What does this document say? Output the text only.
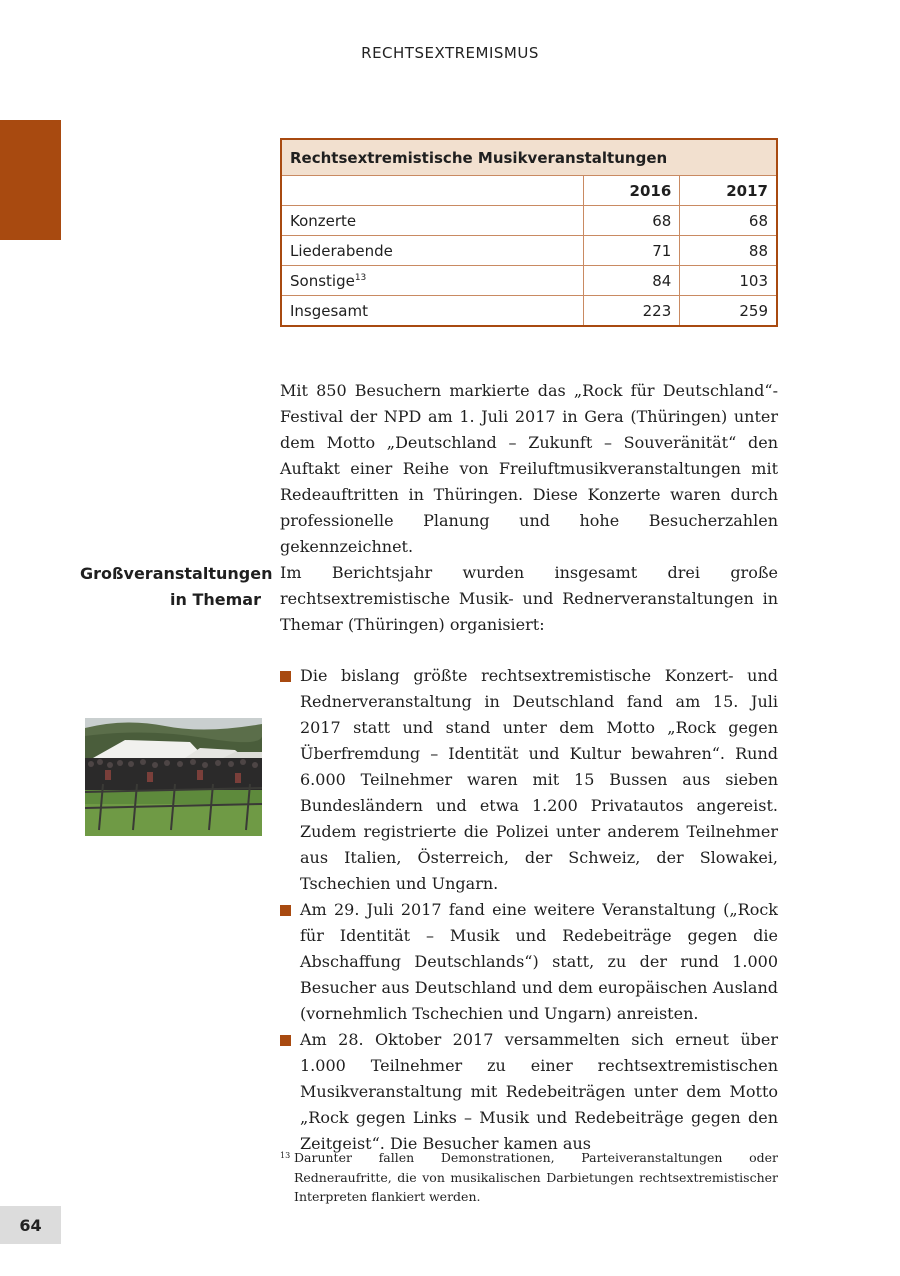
RECHTSEXTREMISMUS
Rechtsextremistische Musikveranstaltungen		
	2016	2017
Konzerte	68	68
Liederabende	71	88
Sonstige$^{13}$	84	103
Insgesamt	223	259

Mit 850 Besuchern markierte das „Rock für Deutschland“-Festival der NPD am 1. Juli 2017 in Gera (Thüringen) unter dem Motto „Deutschland – Zukunft – Souveränität“ den Auftakt einer Reihe von Freiluftmusikveranstaltungen mit Redeauftritten in Thüringen. Diese Konzerte waren durch professionelle Planung und hohe Besucherzahlen gekennzeichnet.

Großveranstaltungen
in Themar

Im Berichtsjahr wurden insgesamt drei große rechtsextremistische Musik- und Rednerveranstaltungen in Themar (Thüringen) organisiert:

Die bislang größte rechtsextremistische Konzert- und Rednerveranstaltung in Deutschland fand am 15. Juli 2017 statt und stand unter dem Motto „Rock gegen Überfremdung – Identität und Kultur bewahren“. Rund 6.000 Teilnehmer waren mit 15 Bussen aus sieben Bundesländern und etwa 1.200 Privatautos angereist. Zudem registrierte die Polizei unter anderem Teilnehmer aus Italien, Österreich, der Schweiz, der Slowakei, Tschechien und Ungarn.
Am 29. Juli 2017 fand eine weitere Veranstaltung („Rock für Identität – Musik und Redebeiträge gegen die Abschaffung Deutschlands“) statt, zu der rund 1.000 Besucher aus Deutschland und dem europäischen Ausland (vornehmlich Tschechien und Ungarn) anreisten.
Am 28. Oktober 2017 versammelten sich erneut über 1.000 Teilnehmer zu einer rechtsextremistischen Musikveranstaltung mit Redebeiträgen unter dem Motto „Rock gegen Links – Musik und Redebeiträge gegen den Zeitgeist“. Die Besucher kamen aus
13 Darunter fallen Demonstrationen, Parteiveranstaltungen oder Redneraufritte, die von musikalischen Darbietungen rechtsextremistischer Interpreten flankiert werden.
64
